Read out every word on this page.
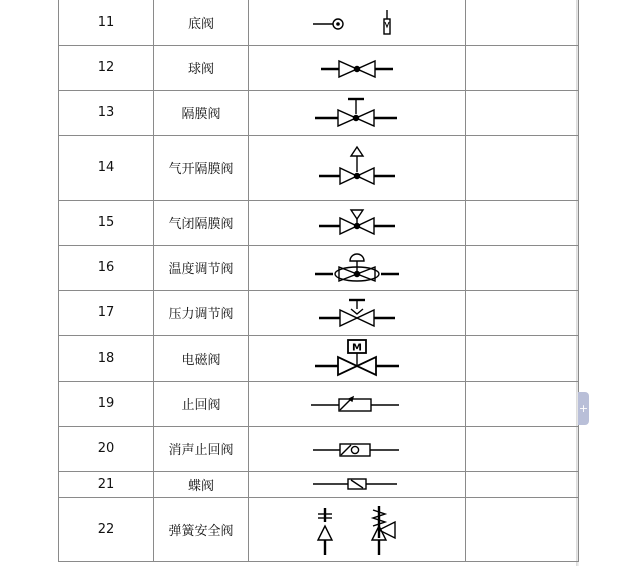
11	底阀	

12	球阀	

13	隔膜阀	

14	气开隔膜阀	

15	气闭隔膜阀	

16	温度调节阀	

17	压力调节阀	

18	电磁阀	M	

19	止回阀	

20	消声止回阀	

21	蝶阀	

22	弹簧安全阀	

+
